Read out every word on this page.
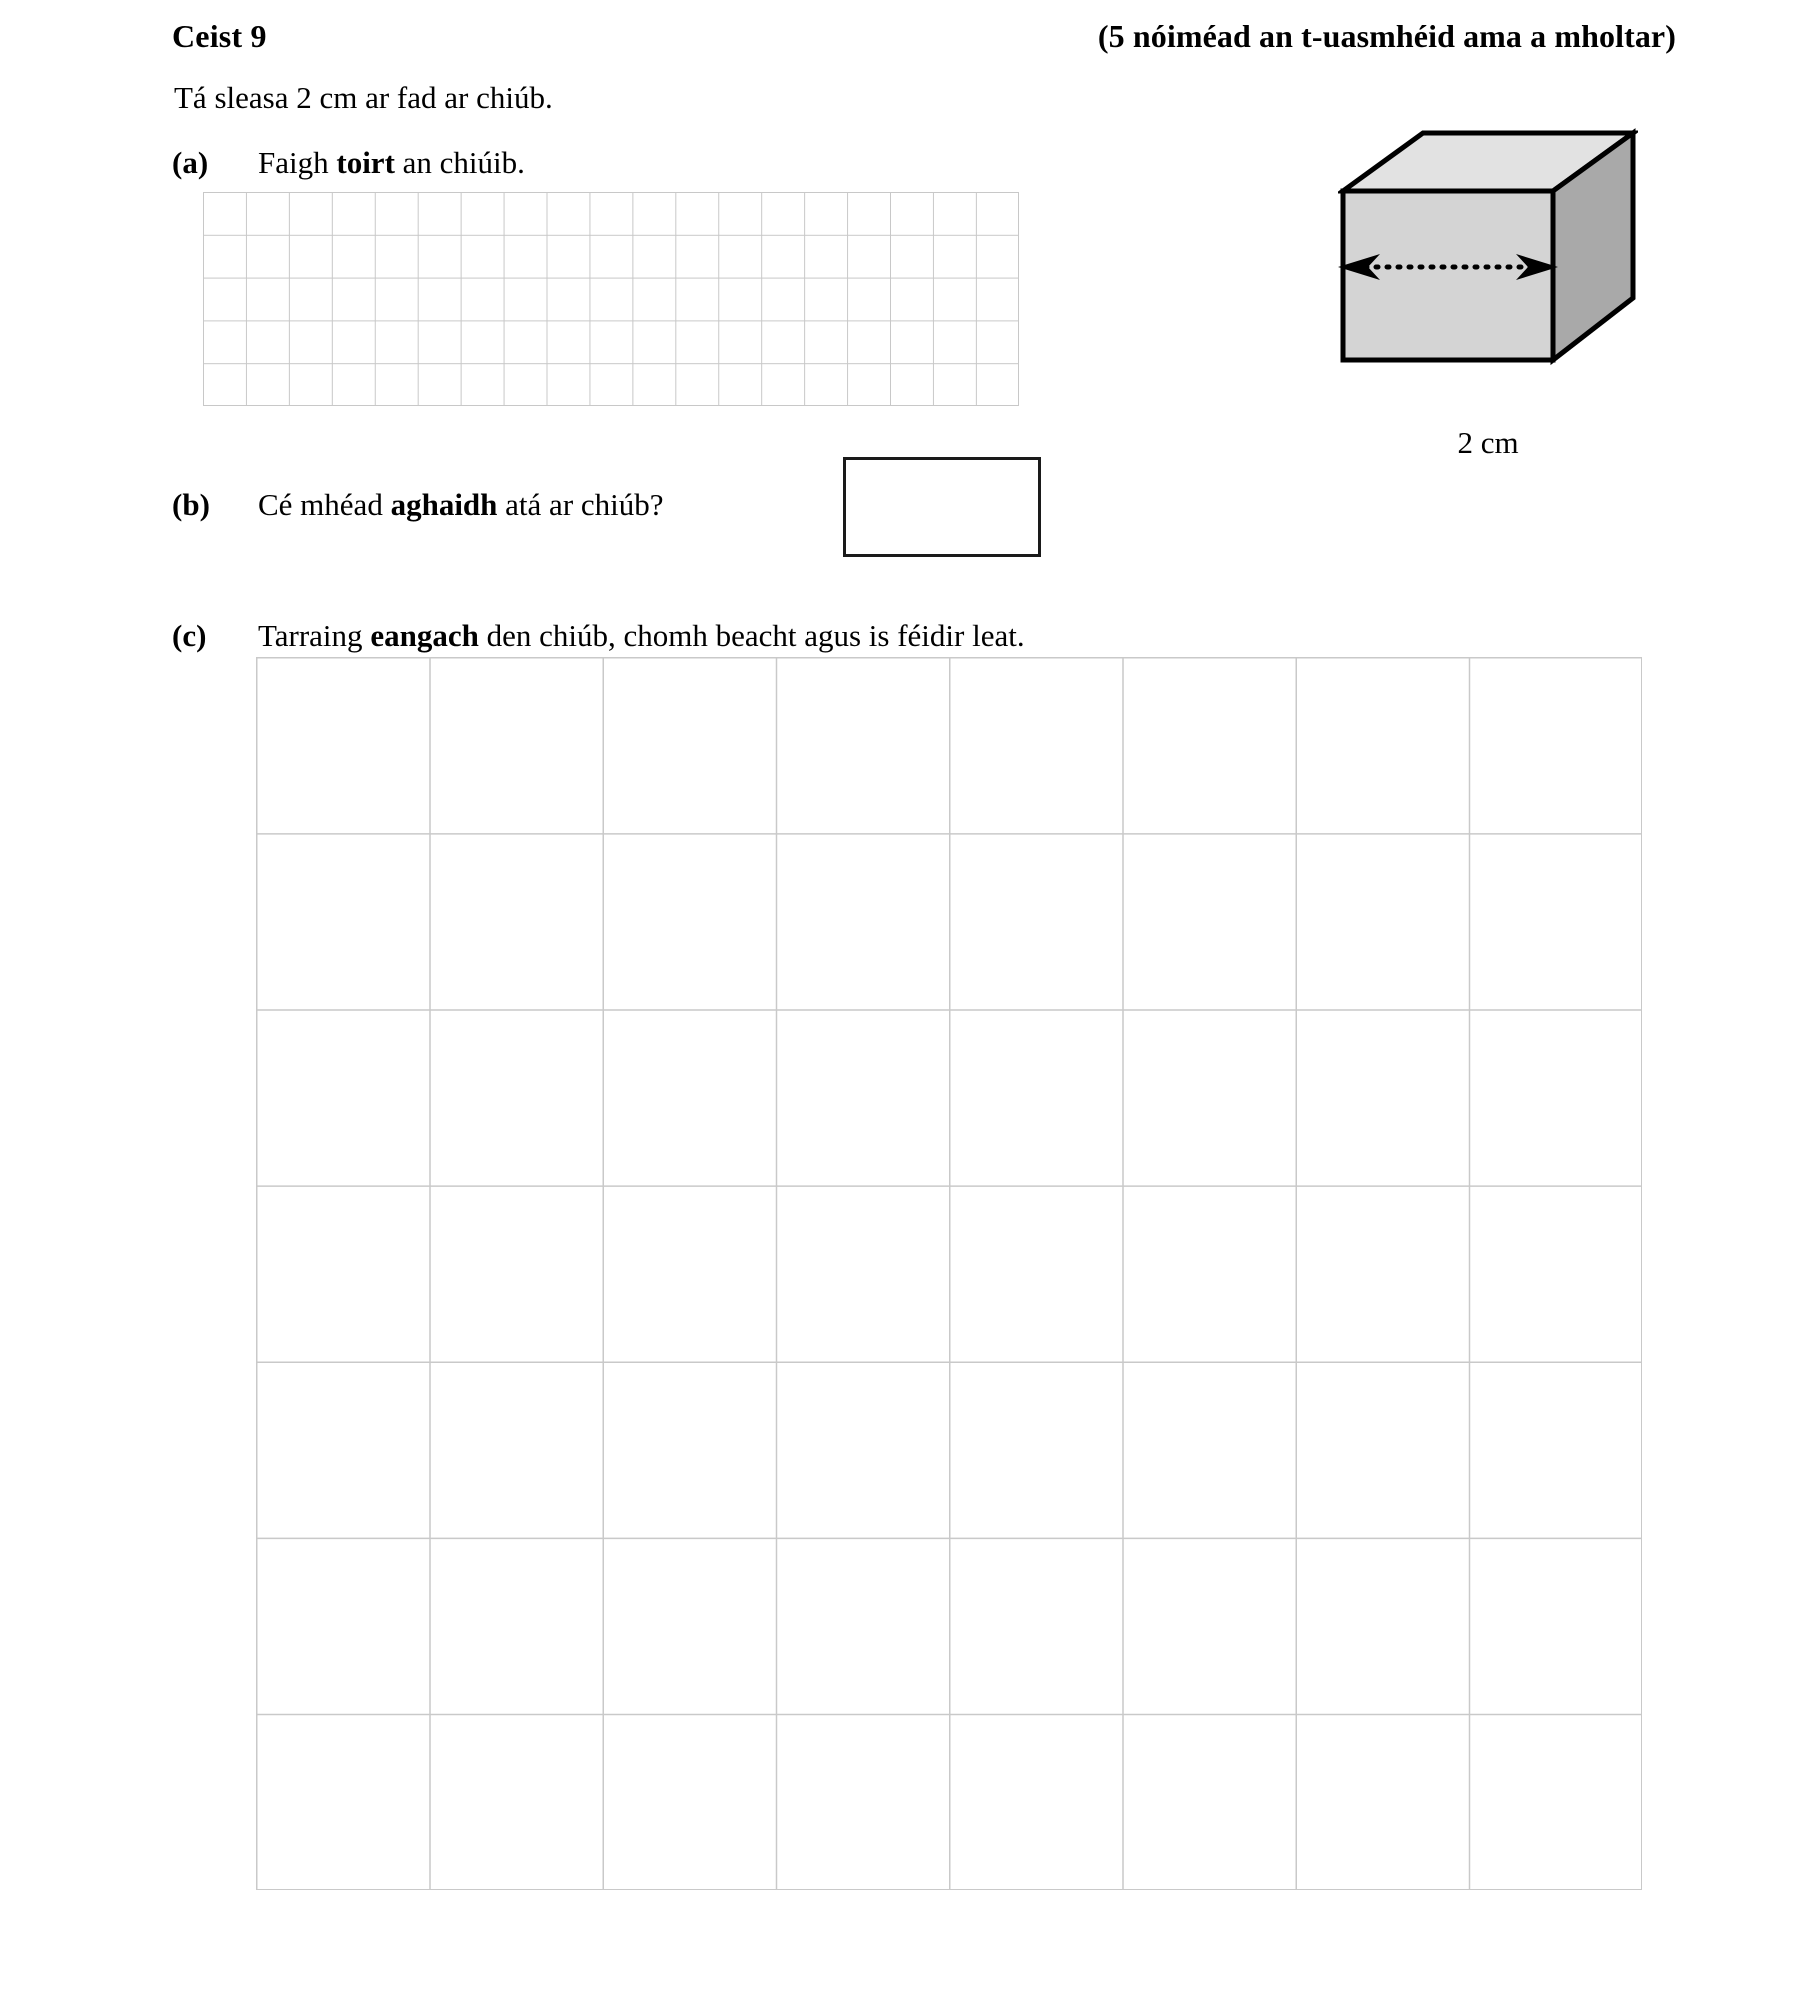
Ceist 9	(5 nóiméad an t-uasmhéid ama a mholtar)
Tá sleasa 2 cm ar fad ar chiúb.
(a) Faigh toirt an chiúib.
2 cm
(b) Cé mhéad aghaidh atá ar chiúb?
(c) Tarraing eangach den chiúb, chomh beacht agus is féidir leat.
